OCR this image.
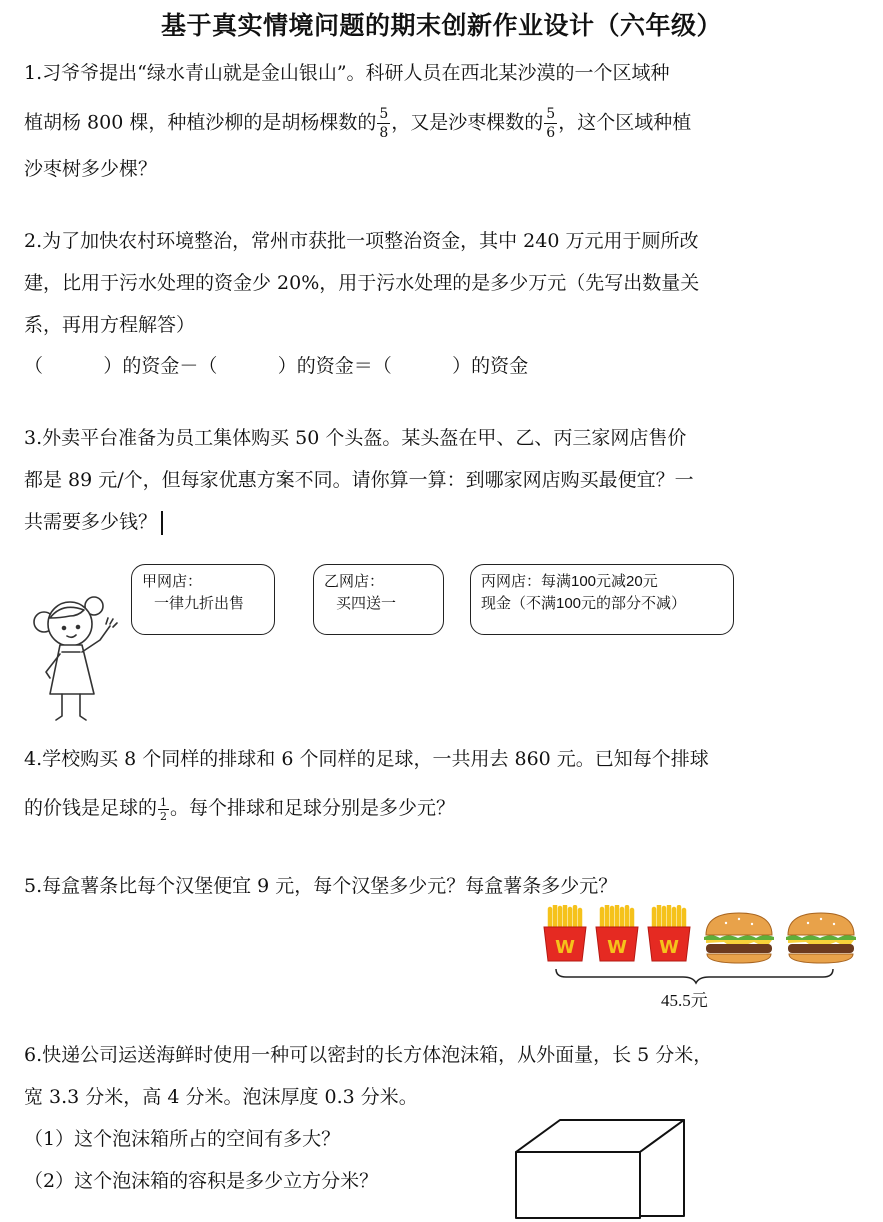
基于真实情境问题的期末创新作业设计（六年级）
1.习爷爷提出“绿水青山就是金山银山”。科研人员在西北某沙漠的一个区域种
植胡杨 800 棵，种植沙柳的是胡杨棵数的 $\frac{5}{8}$ ，又是沙枣棵数的 $\frac{5}{6}$ ，这个区域种植
沙枣树多少棵？
2.为了加快农村环境整治，常州市获批一项整治资金，其中 240 万元用于厕所改
建，比用于污水处理的资金少 20%，用于污水处理的是多少万元（先写出数量关
系，再用方程解答）
（          ）的资金－（          ）的资金＝（          ）的资金
3.外卖平台准备为员工集体购买 50 个头盔。某头盔在甲、乙、丙三家网店售价
都是 89 元/个，但每家优惠方案不同。请你算一算：到哪家网店购买最便宜？一
共需要多少钱？
甲网店：
一律九折出售
乙网店：
买四送一
丙网店：每满100元减20元
现金（不满100元的部分不减）
4.学校购买 8 个同样的排球和 6 个同样的足球，一共用去 860 元。已知每个排球
的价钱是足球的 $\frac{1}{2}$ 。每个排球和足球分别是多少元？
5.每盒薯条比每个汉堡便宜 9 元，每个汉堡多少元？每盒薯条多少元？
W W W
45.5元
6.快递公司运送海鲜时使用一种可以密封的长方体泡沫箱，从外面量，长 5 分米，
宽 3.3 分米，高 4 分米。泡沫厚度 0.3 分米。
（1）这个泡沫箱所占的空间有多大？
（2）这个泡沫箱的容积是多少立方分米？
